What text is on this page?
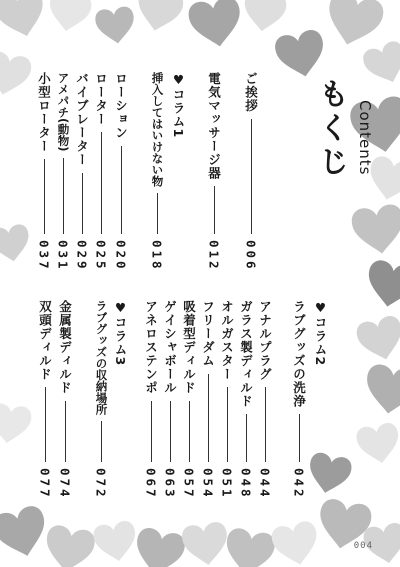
もくじ Contents
ご挨拶
006
電気マッサージ器
012
♥コラム1
挿入してはいけない物
018
ローション
020
ローター
025
バイブレーター
029
アメパチ(動物)
031
小型ローター
037
♥コラム2
ラブグッズの洗浄
042
アナルプラグ
044
ガラス製ディルド
048
オルガスター
051
フリーダム
054
吸着型ディルド
057
ゲイシャボール
063
アネロステンポ
067
♥コラム3
ラブグッズの収納場所
072
金属製ディルド
074
双頭ディルド
077
004
